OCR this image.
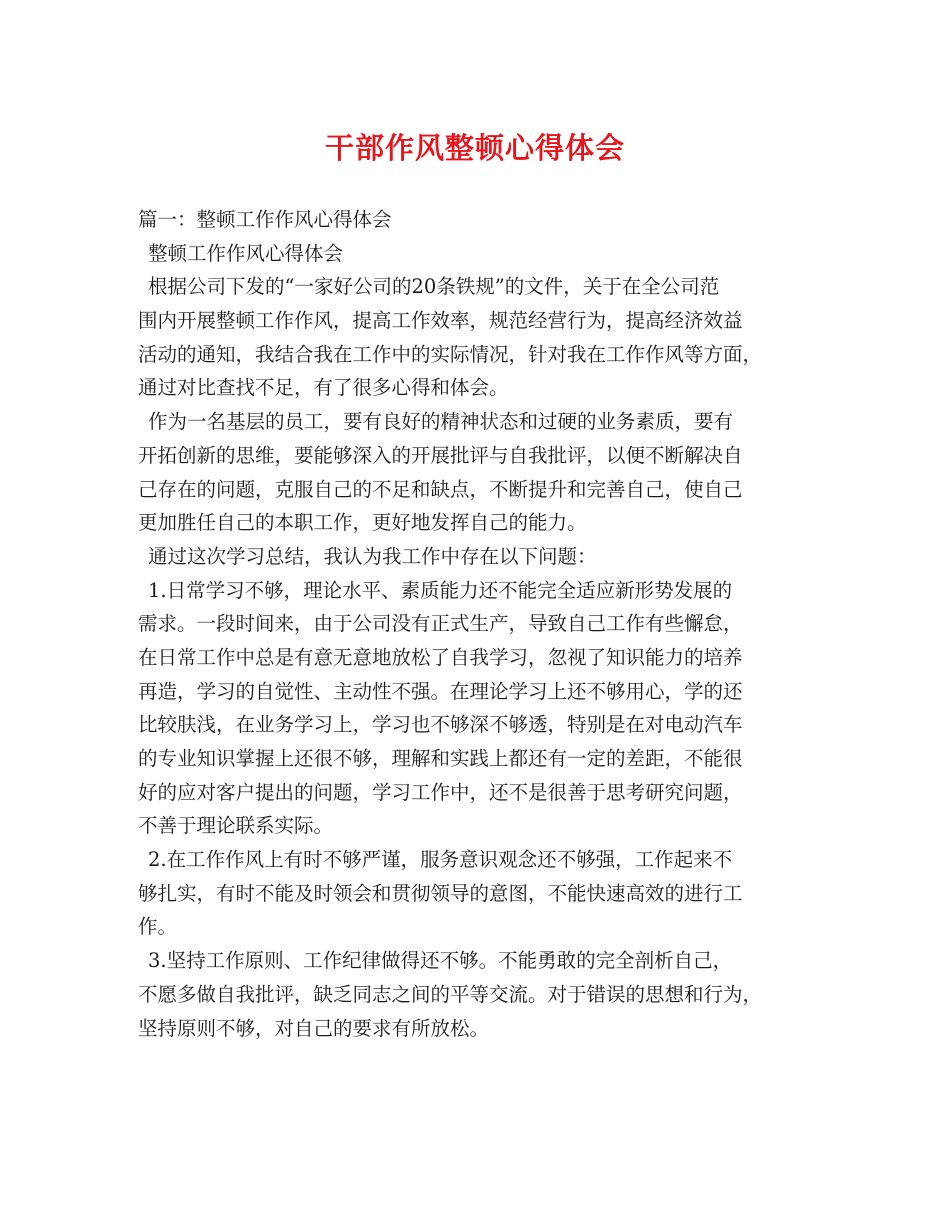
干部作风整顿心得体会

篇一：整顿工作作风心得体会

整顿工作作风心得体会

根据公司下发的“一家好公司的20条铁规”的文件，关于在全公司范

围内开展整顿工作作风，提高工作效率，规范经营行为，提高经济效益

活动的通知，我结合我在工作中的实际情况，针对我在工作作风等方面，

通过对比查找不足，有了很多心得和体会。

作为一名基层的员工，要有良好的精神状态和过硬的业务素质，要有

开拓创新的思维，要能够深入的开展批评与自我批评，以便不断解决自

己存在的问题，克服自己的不足和缺点，不断提升和完善自己，使自己

更加胜任自己的本职工作，更好地发挥自己的能力。

通过这次学习总结，我认为我工作中存在以下问题：

1.日常学习不够，理论水平、素质能力还不能完全适应新形势发展的

需求。一段时间来，由于公司没有正式生产，导致自己工作有些懈怠，

在日常工作中总是有意无意地放松了自我学习，忽视了知识能力的培养

再造，学习的自觉性、主动性不强。在理论学习上还不够用心，学的还

比较肤浅，在业务学习上，学习也不够深不够透，特别是在对电动汽车

的专业知识掌握上还很不够，理解和实践上都还有一定的差距，不能很

好的应对客户提出的问题，学习工作中，还不是很善于思考研究问题，

不善于理论联系实际。

2.在工作作风上有时不够严谨，服务意识观念还不够强，工作起来不

够扎实，有时不能及时领会和贯彻领导的意图，不能快速高效的进行工

作。

3.坚持工作原则、工作纪律做得还不够。不能勇敢的完全剖析自己，

不愿多做自我批评，缺乏同志之间的平等交流。对于错误的思想和行为，

坚持原则不够，对自己的要求有所放松。
